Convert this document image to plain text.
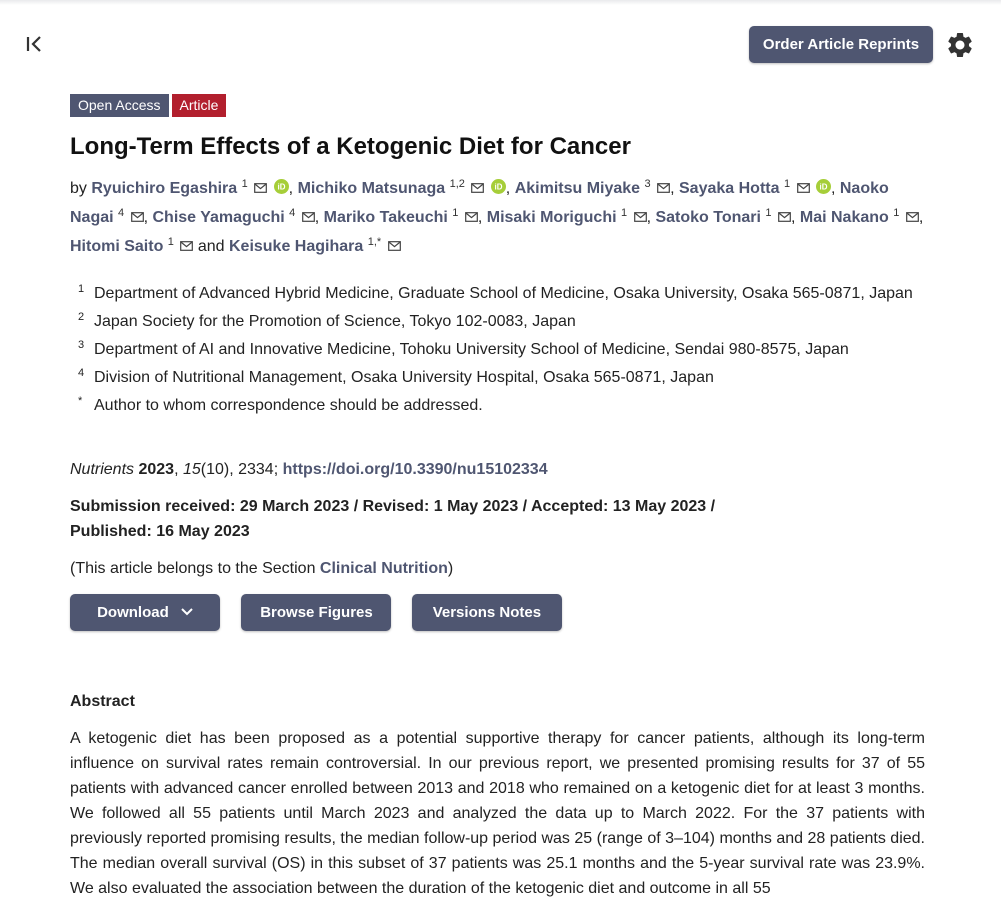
Order Article Reprints
Open Access Article
Long-Term Effects of a Ketogenic Diet for Cancer
by Ryuichiro Egashira $^1$	iD , Michiko Matsunaga $^{1,2}$	iD , Akimitsu Miyake $^3$ , Sayaka Hotta $^1$	iD , Naoko Nagai $^4$ , Chise Yamaguchi $^4$ , Mariko Takeuchi $^1$ , Misaki Moriguchi $^1$ , Satoko Tonari $^1$ , Mai Nakano $^1$ , Hitomi Saito $^1$ and Keisuke Hagihara $^{1,*}$
1 Department of Advanced Hybrid Medicine, Graduate School of Medicine, Osaka University, Osaka 565-0871, Japan
2 Japan Society for the Promotion of Science, Tokyo 102-0083, Japan
3 Department of AI and Innovative Medicine, Tohoku University School of Medicine, Sendai 980-8575, Japan
4 Division of Nutritional Management, Osaka University Hospital, Osaka 565-0871, Japan
* Author to whom correspondence should be addressed.
Nutrients 2023, 15(10), 2334; https://doi.org/10.3390/nu15102334
Submission received: 29 March 2023 / Revised: 1 May 2023 / Accepted: 13 May 2023 / Published: 16 May 2023
(This article belongs to the Section Clinical Nutrition)
Download	Browse Figures	Versions Notes
Abstract
A ketogenic diet has been proposed as a potential supportive therapy for cancer patients, although its long-term influence on survival rates remain controversial. In our previous report, we presented promising results for 37 of 55 patients with advanced cancer enrolled between 2013 and 2018 who remained on a ketogenic diet for at least 3 months. We followed all 55 patients until March 2023 and analyzed the data up to March 2022. For the 37 patients with previously reported promising results, the median follow-up period was 25 (range of 3–104) months and 28 patients died. The median overall survival (OS) in this subset of 37 patients was 25.1 months and the 5-year survival rate was 23.9%. We also evaluated the association between the duration of the ketogenic diet and outcome in all 55
